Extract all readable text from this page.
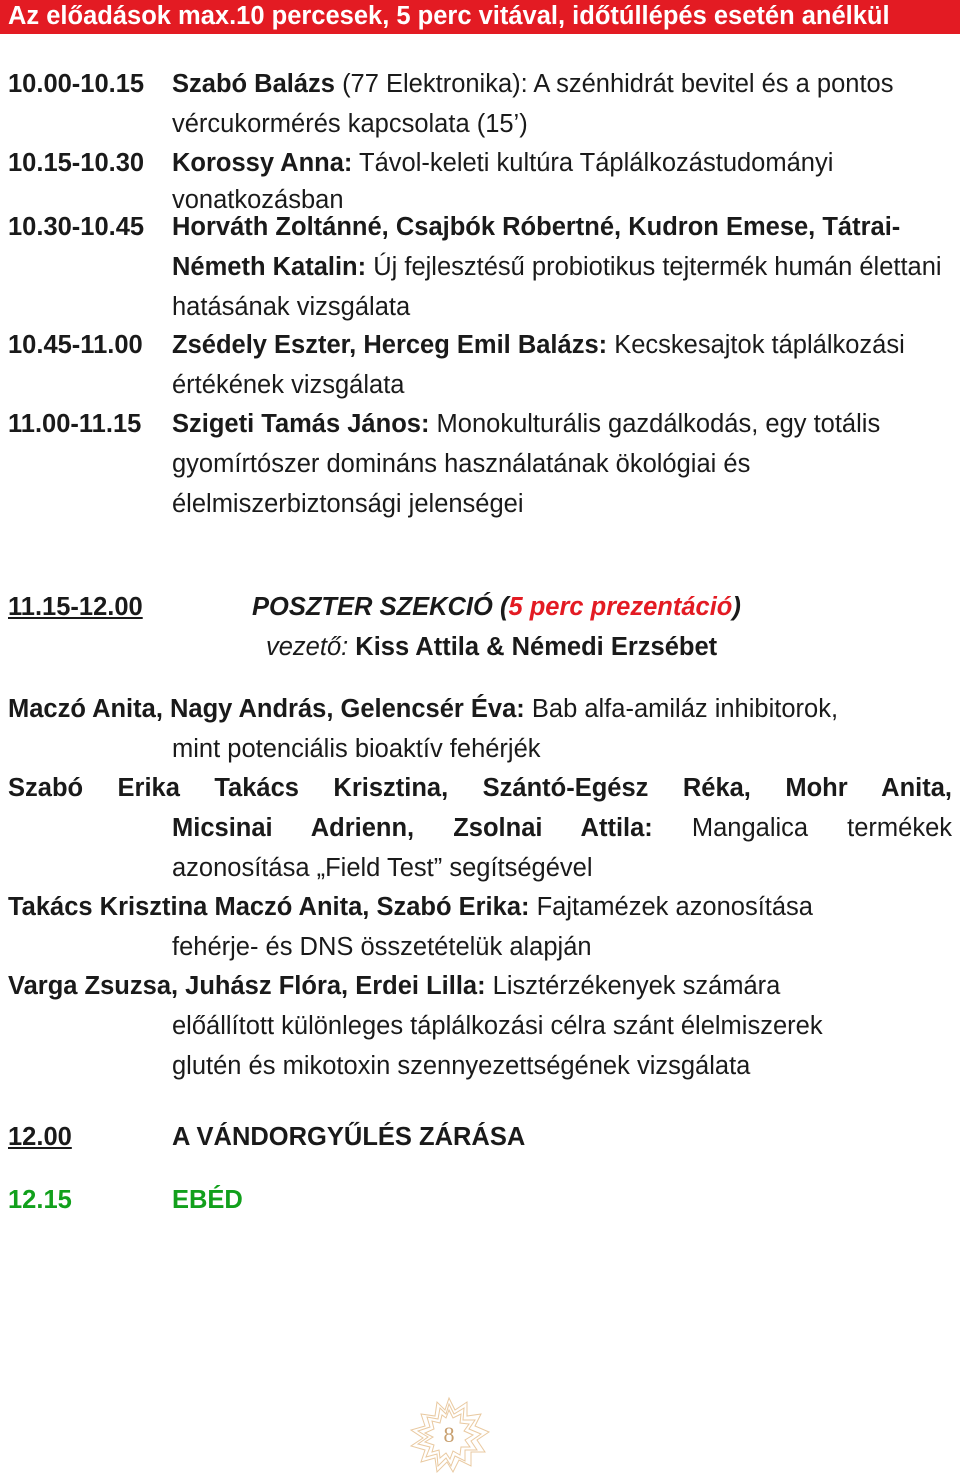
Az előadások max.10 percesek, 5 perc vitával, időtúllépés esetén anélkül
10.00-10.15 Szabó Balázs (77 Elektronika): A szénhidrát bevitel és a pontos vércukormérés kapcsolata (15’)
10.15-10.30 Korossy Anna: Távol-keleti kultúra Táplálkozástudományi vonatkozásban
10.30-10.45 Horváth Zoltánné, Csajbók Róbertné, Kudron Emese, Tátrai-Németh Katalin: Új fejlesztésű probiotikus tejtermék humán élettani hatásának vizsgálata
10.45-11.00 Zsédely Eszter, Herceg Emil Balázs: Kecskesajtok táplálkozási értékének vizsgálata
11.00-11.15 Szigeti Tamás János: Monokulturális gazdálkodás, egy totális gyomírtószer domináns használatának ökológiai és élelmiszerbiztonsági jelenségei
11.15-12.00	POSZTER SZEKCIÓ (5 perc prezentáció)
vezető: Kiss Attila & Némedi Erzsébet
Maczó Anita, Nagy András, Gelencsér Éva: Bab alfa-amiláz inhibitorok,
mint potenciális bioaktív fehérjék
Szabó Erika Takács Krisztina, Szántó-Egész Réka, Mohr Anita,
Micsinai Adrienn, Zsolnai Attila: Mangalica termékek
azonosítása „Field Test” segítségével
Takács Krisztina Maczó Anita, Szabó Erika: Fajtamézek azonosítása
fehérje- és DNS összetételük alapján
Varga Zsuzsa, Juhász Flóra, Erdei Lilla: Lisztérzékenyek számára
előállított különleges táplálkozási célra szánt élelmiszerek glutén és mikotoxin szennyezettségének vizsgálata
12.00	A VÁNDORGYŰLÉS ZÁRÁSA
12.15	EBÉD
8
